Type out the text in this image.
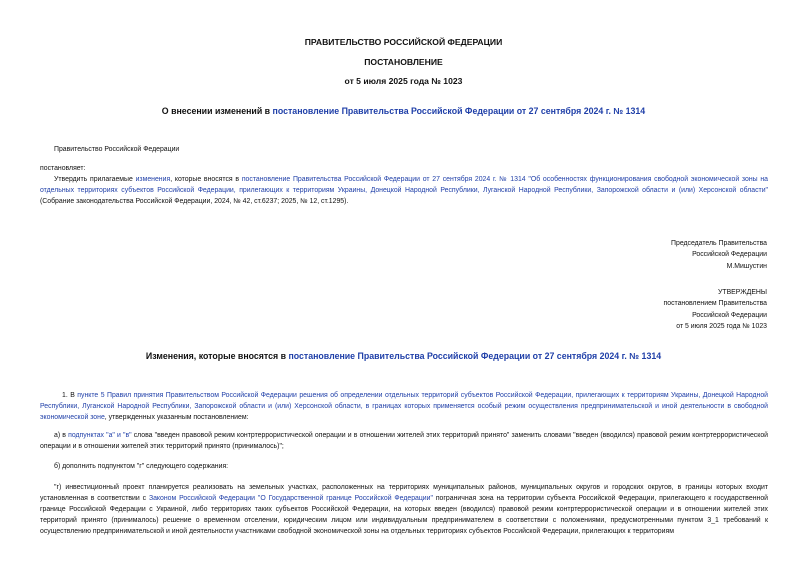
ПРАВИТЕЛЬСТВО РОССИЙСКОЙ ФЕДЕРАЦИИ
ПОСТАНОВЛЕНИЕ
от 5 июля 2025 года № 1023
О внесении изменений в постановление Правительства Российской Федерации от 27 сентября 2024 г. № 1314
Правительство Российской Федерации
постановляет:
Утвердить прилагаемые изменения, которые вносятся в постановление Правительства Российской Федерации от 27 сентября 2024 г. № 1314 "Об особенностях функционирования свободной экономической зоны на отдельных территориях субъектов Российской Федерации, прилегающих к территориям Украины, Донецкой Народной Республики, Луганской Народной Республики, Запорожской области и (или) Херсонской области" (Собрание законодательства Российской Федерации, 2024, № 42, ст.6237; 2025, № 12, ст.1295).
Председатель Правительства
Российской Федерации
М.Мишустин
УТВЕРЖДЕНЫ
постановлением Правительства
Российской Федерации
от 5 июля 2025 года № 1023
Изменения, которые вносятся в постановление Правительства Российской Федерации от 27 сентября 2024 г. № 1314
1. В пункте 5 Правил принятия Правительством Российской Федерации решения об определении отдельных территорий субъектов Российской Федерации, прилегающих к территориям Украины, Донецкой Народной Республики, Луганской Народной Республики, Запорожской области и (или) Херсонской области, в границах которых применяется особый режим осуществления предпринимательской и иной деятельности в свободной экономической зоне, утвержденных указанным постановлением:
а) в подпунктах "а" и "в" слова "введен правовой режим контртеррористической операции и в отношении жителей этих территорий принято" заменить словами "введен (вводился) правовой режим контртеррористической операции и в отношении жителей этих территорий принято (принималось)";
б) дополнить подпунктом "г" следующего содержания:
"г) инвестиционный проект планируется реализовать на земельных участках, расположенных на территориях муниципальных районов, муниципальных округов и городских округов, в границы которых входит установленная в соответствии с Законом Российской Федерации "О Государственной границе Российской Федерации" пограничная зона на территории субъекта Российской Федерации, прилегающего к государственной границе Российской Федерации с Украиной, либо территориях таких субъектов Российской Федерации, на которых введен (вводился) правовой режим контртеррористической операции и в отношении жителей этих территорий принято (принималось) решение о временном отселении, юридическим лицом или индивидуальным предпринимателем в соответствии с положениями, предусмотренными пунктом 3_1 требований к осуществлению предпринимательской и иной деятельности участниками свободной экономической зоны на отдельных территориях субъектов Российской Федерации, прилегающих к территориям
